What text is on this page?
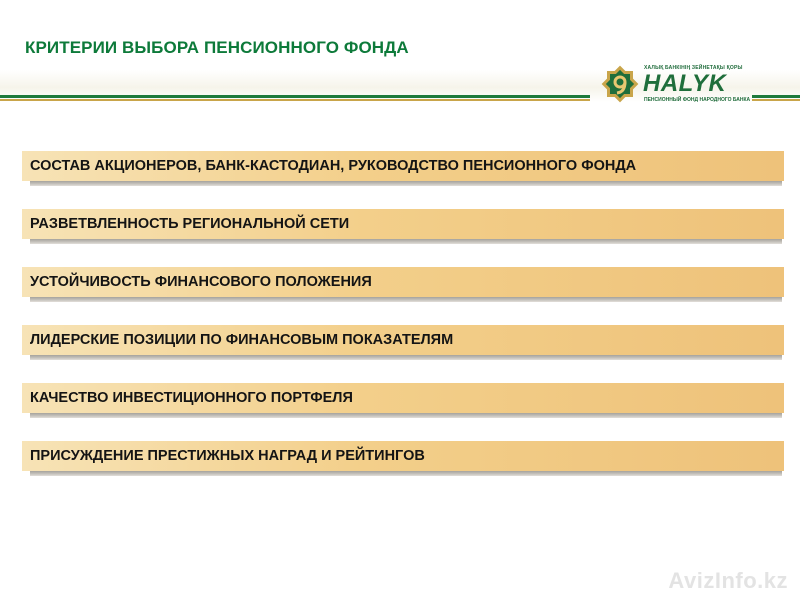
КРИТЕРИИ ВЫБОРА ПЕНСИОННОГО ФОНДА
ХАЛЫҚ БАНКІНІҢ ЗЕЙНЕТАҚЫ ҚОРЫ
HALYK
ПЕНСИОННЫЙ ФОНД НАРОДНОГО БАНКА
СОСТАВ АКЦИОНЕРОВ, БАНК-КАСТОДИАН, РУКОВОДСТВО ПЕНСИОННОГО ФОНДА
РАЗВЕТВЛЕННОСТЬ РЕГИОНАЛЬНОЙ СЕТИ
УСТОЙЧИВОСТЬ ФИНАНСОВОГО ПОЛОЖЕНИЯ
ЛИДЕРСКИЕ ПОЗИЦИИ ПО ФИНАНСОВЫМ ПОКАЗАТЕЛЯМ
КАЧЕСТВО ИНВЕСТИЦИОННОГО ПОРТФЕЛЯ
ПРИСУЖДЕНИЕ ПРЕСТИЖНЫХ НАГРАД И РЕЙТИНГОВ
AvizInfo.kz
